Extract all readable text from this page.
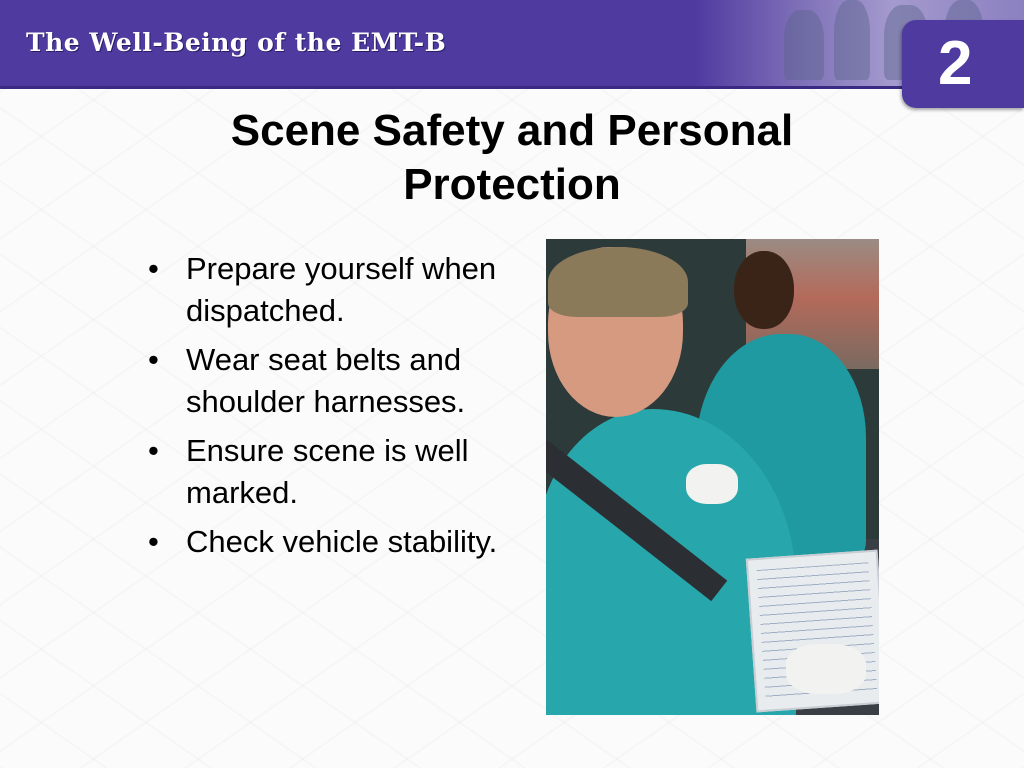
The Well-Being of the EMT-B	2
Scene Safety and Personal Protection
• Prepare yourself when dispatched.
• Wear seat belts and shoulder harnesses.
• Ensure scene is well marked.
• Check vehicle stability.
